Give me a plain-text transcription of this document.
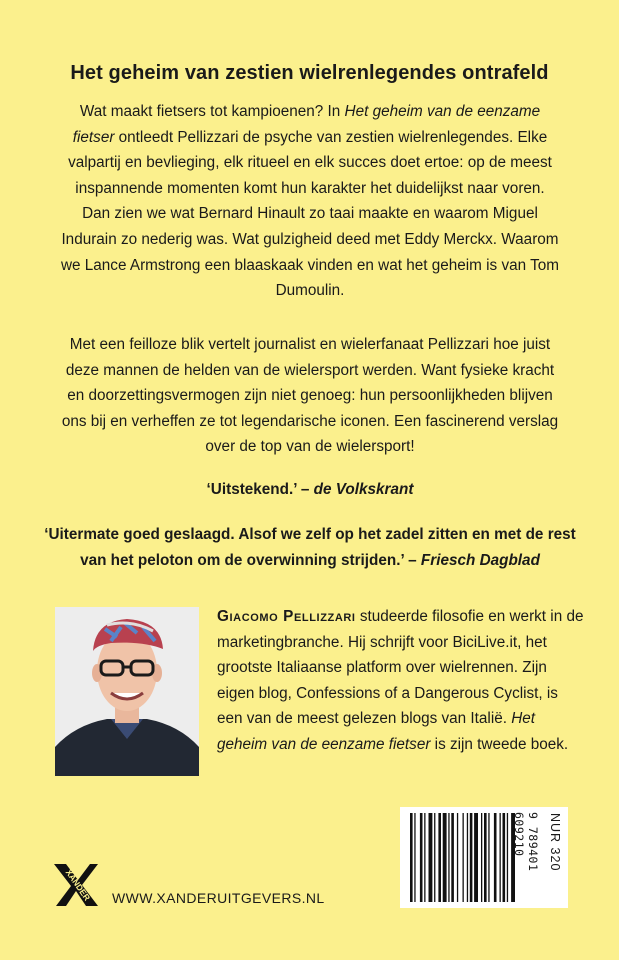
Het geheim van zestien wielrenlegendes ontrafeld
Wat maakt fietsers tot kampioenen? In Het geheim van de eenzame fietser ontleedt Pellizzari de psyche van zestien wielrenlegendes. Elke valpartij en bevlieging, elk ritueel en elk succes doet ertoe: op de meest inspannende momenten komt hun karakter het duidelijkst naar voren. Dan zien we wat Bernard Hinault zo taai maakte en waarom Miguel Indurain zo nederig was. Wat gulzigheid deed met Eddy Merckx. Waarom we Lance Armstrong een blaaskaak vinden en wat het geheim is van Tom Dumoulin.
Met een feilloze blik vertelt journalist en wielerfanaat Pellizzari hoe juist deze mannen de helden van de wielersport werden. Want fysieke kracht en doorzettingsvermogen zijn niet genoeg: hun persoonlijkheden blijven ons bij en verheffen ze tot legendarische iconen. Een fascinerend verslag over de top van de wielersport!
‘Uitstekend.’ – de Volkskrant
‘Uitermate goed geslaagd. Alsof we zelf op het zadel zitten en met de rest van het peloton om de overwinning strijden.’ – Friesch Dagblad
Giacomo Pellizzari studeerde filosofie en werkt in de marketingbranche. Hij schrijft voor BiciLive.it, het grootste Italiaanse platform over wielrennen. Zijn eigen blog, Confessions of a Dangerous Cyclist, is een van de meest gelezen blogs van Italië. Het geheim van de eenzame fietser is zijn tweede boek.
XANDER WWW.XANDERUITGEVERS.NL
9 789401 609210	NUR 320
